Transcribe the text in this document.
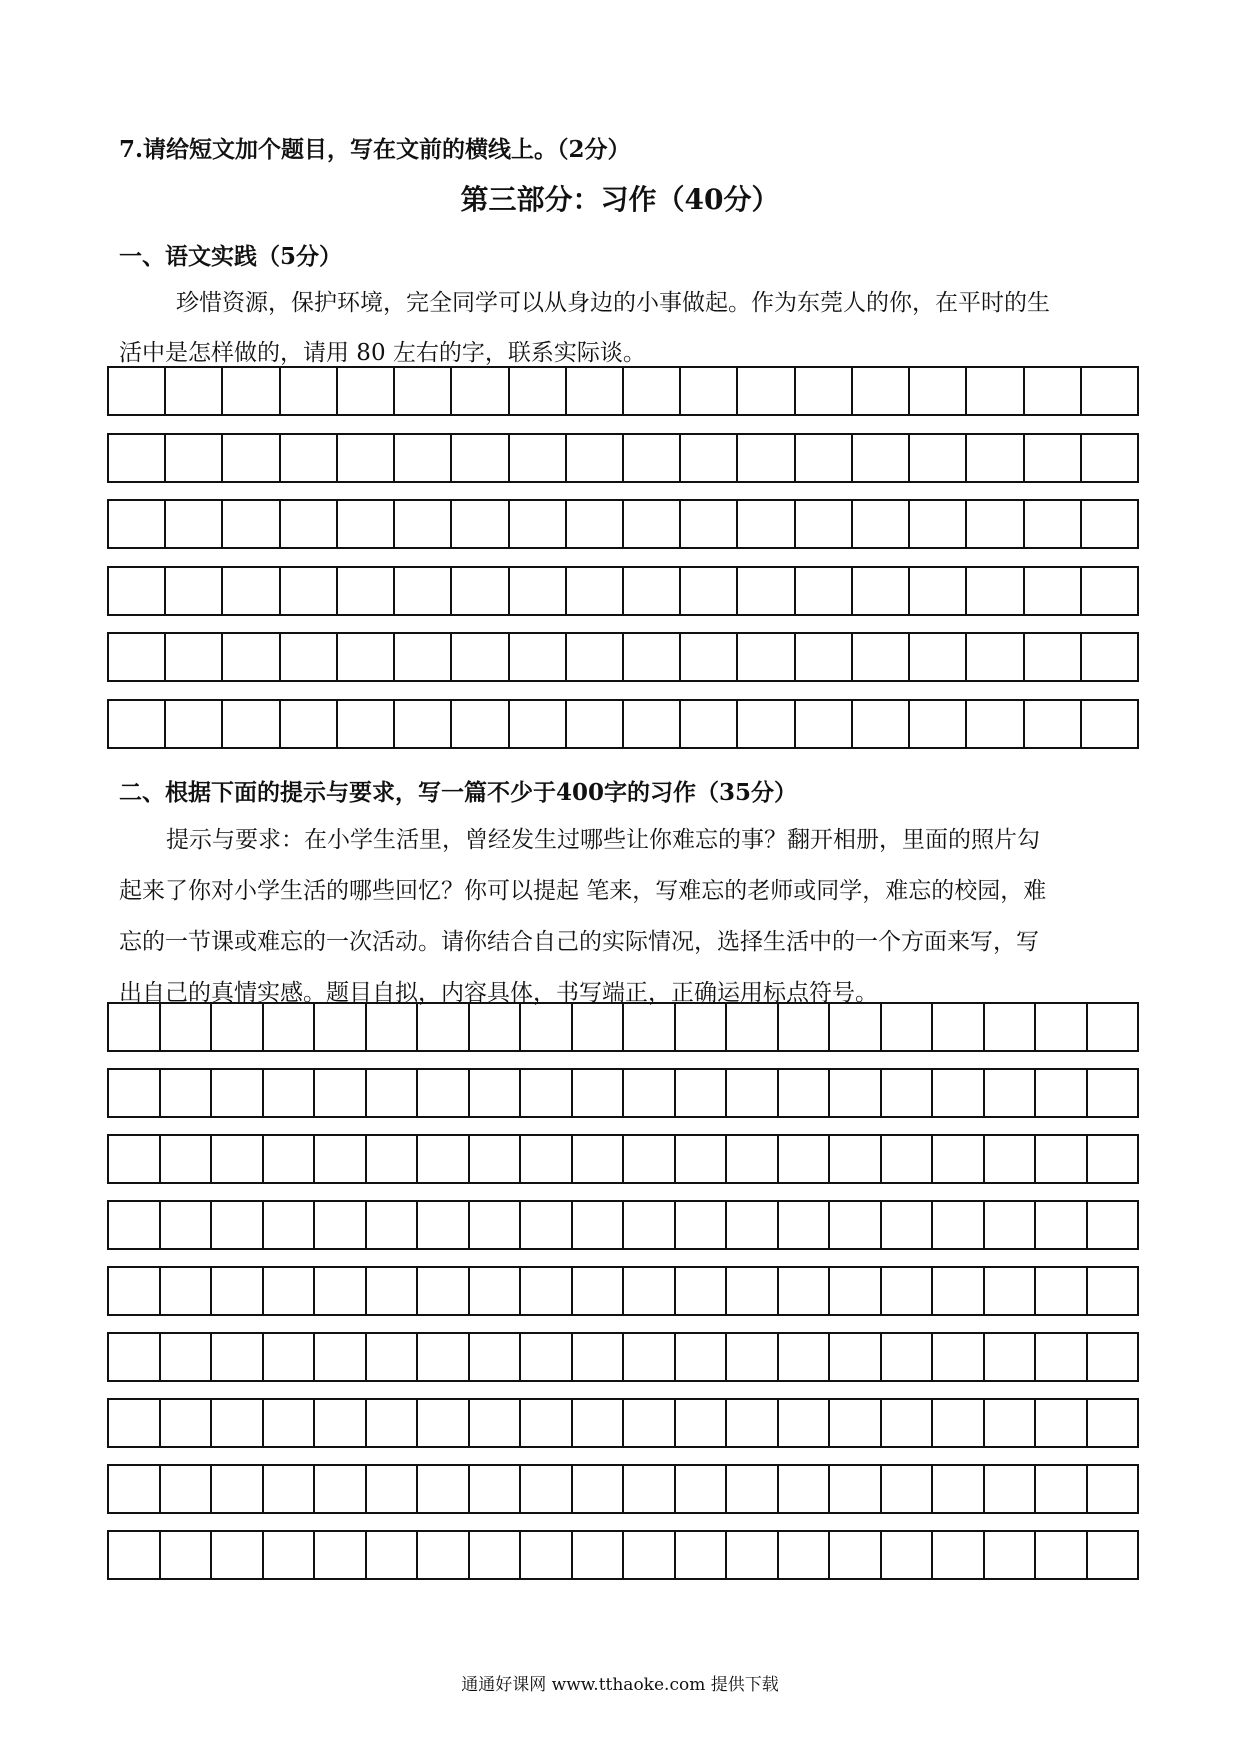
7.请给短文加个题目，写在文前的横线上。（2分）
第三部分：习作（40分）
一、语文实践（5分）
珍惜资源，保护环境，完全同学可以从身边的小事做起。作为东莞人的你，在平时的生
活中是怎样做的，请用 80 左右的字，联系实际谈。
二、根据下面的提示与要求，写一篇不少于400字的习作（35分）
提示与要求：在小学生活里，曾经发生过哪些让你难忘的事？翻开相册，里面的照片勾
起来了你对小学生活的哪些回忆？你可以提起 笔来，写难忘的老师或同学，难忘的校园，难
忘的一节课或难忘的一次活动。请你结合自己的实际情况，选择生活中的一个方面来写，写
出自己的真情实感。题目自拟，内容具体，书写端正，正确运用标点符号。
通通好课网 www.tthaoke.com 提供下载
